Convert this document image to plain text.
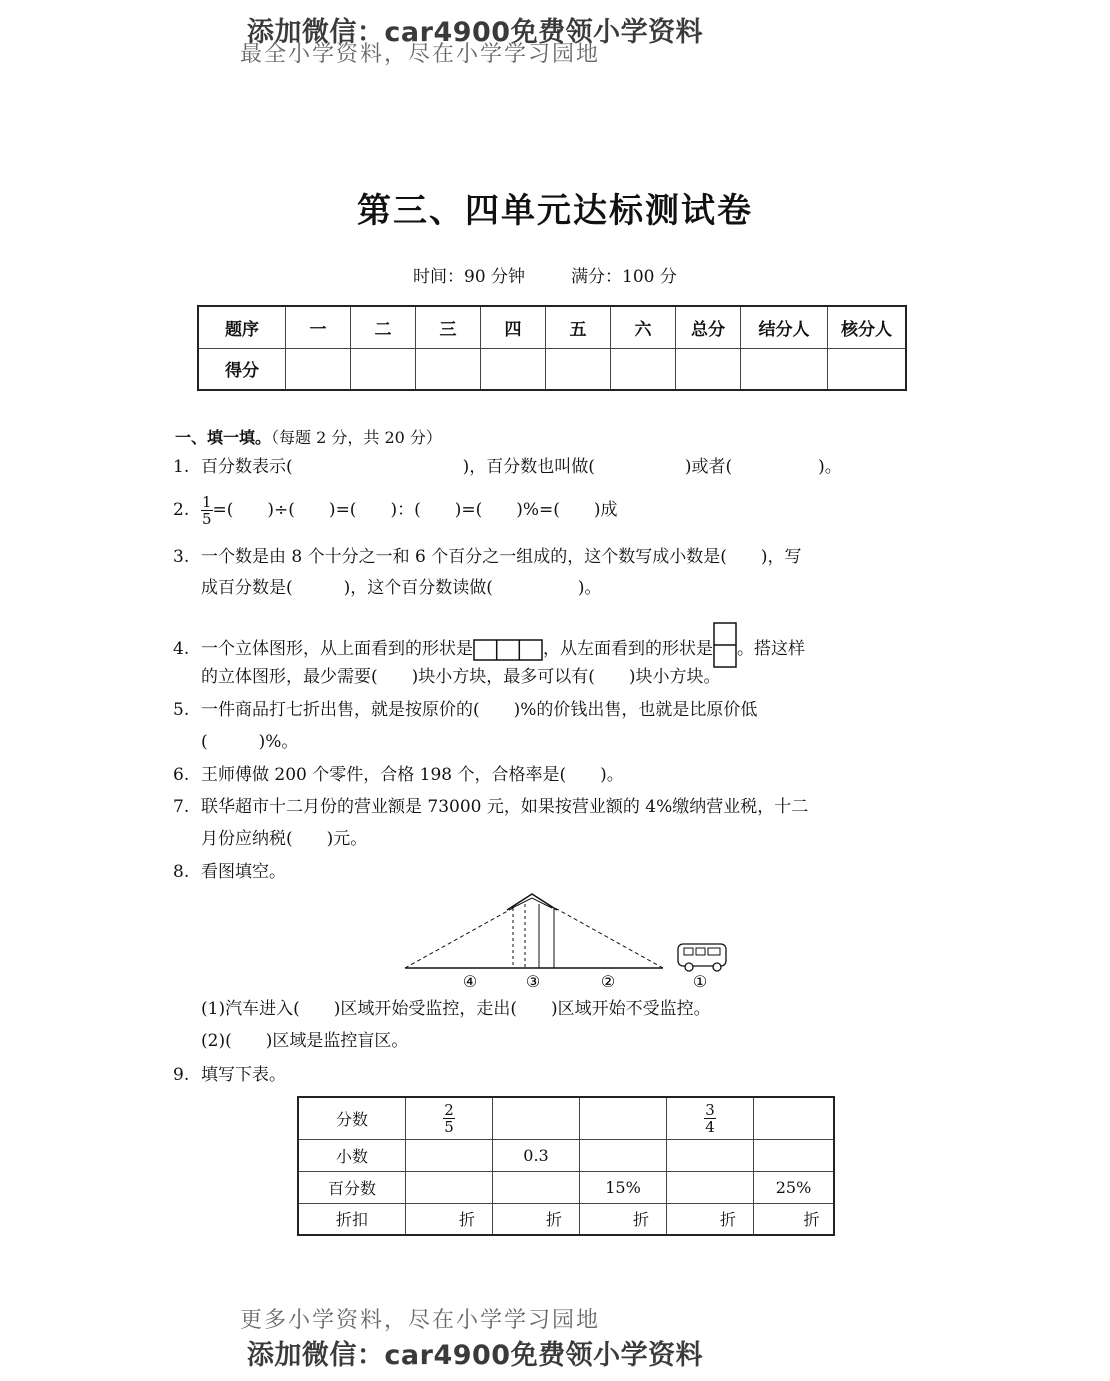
添加微信：car4900免费领小学资料
最全小学资料，尽在小学学习园地
第三、四单元达标测试卷
时间：90 分钟	满分：100 分
题序	一	二	三	四	五	六	总分	结分人	核分人
得分									
一、填一填。（每题 2 分，共 20 分）
1. 百分数表示(	)，百分数也叫做(	)或者(	)。
2. $\frac{1}{5}$ =(　　)÷(　　)=(　　)：(　　)=(　　)%=(　　)成
3. 一个数是由 8 个十分之一和 6 个百分之一组成的，这个数写成小数是(　　)，写
成百分数是(　　　)，这个百分数读做(　　　　　)。
4. 一个立体图形，从上面看到的形状是	，从左面看到的形状是 。搭这样
的立体图形，最少需要(　　)块小方块，最多可以有(　　)块小方块。
5. 一件商品打七折出售，就是按原价的(　　)%的价钱出售，也就是比原价低
(　　　)%。
6. 王师傅做 200 个零件，合格 198 个，合格率是(　　)。
7. 联华超市十二月份的营业额是 73000 元，如果按营业额的 4%缴纳营业税，十二
月份应纳税(　　)元。
8. 看图填空。
④	③	②	①
(1)汽车进入(　　)区域开始受监控，走出(　　)区域开始不受监控。
(2)(　　)区域是监控盲区。
9. 填写下表。
分数	$\frac{2}{5}$			$\frac{3}{4}$

小数		0.3			
百分数			15%		25%
折扣	折	折	折	折	折
更多小学资料，尽在小学学习园地
添加微信：car4900免费领小学资料
